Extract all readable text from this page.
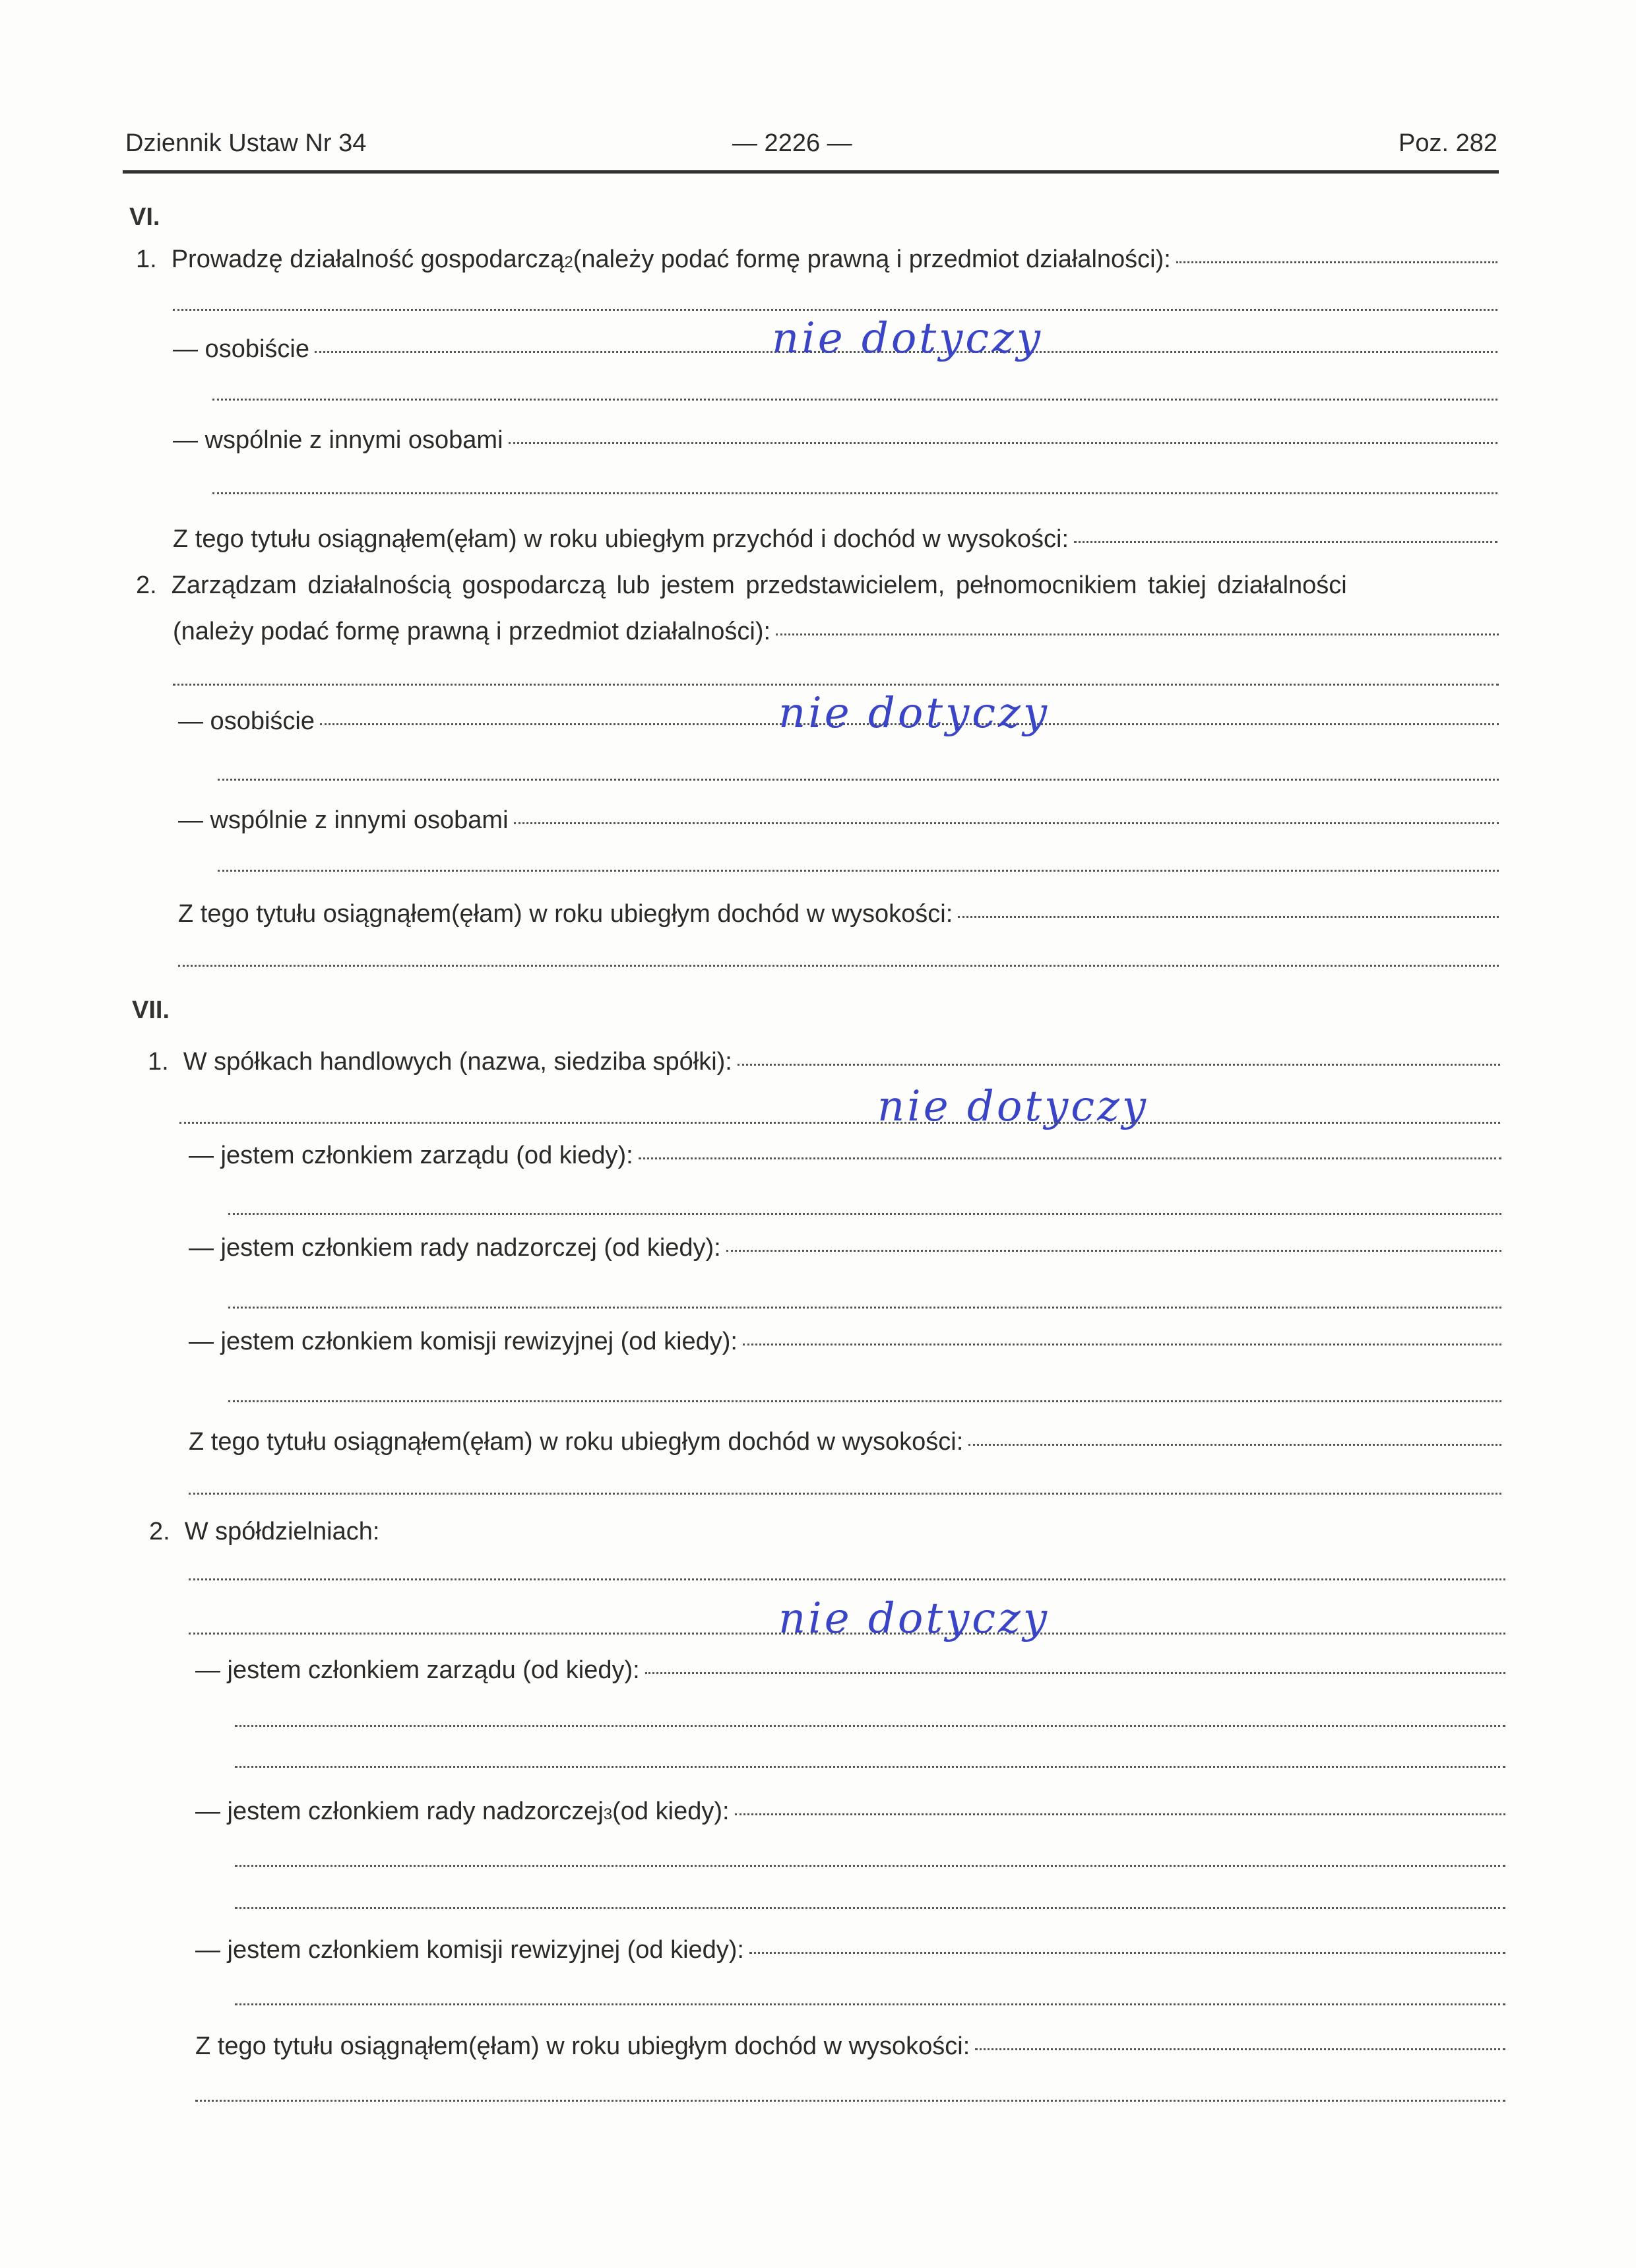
Dziennik Ustaw Nr 34	— 2226 —	Poz. 282
VI.
1. Prowadzę działalność gospodarczą 2 (należy podać formę prawną i przedmiot działalności):
— osobiście	nie dotyczy
— wspólnie z innymi osobami
Z tego tytułu osiągnąłem(ęłam) w roku ubiegłym przychód i dochód w wysokości:
2. Zarządzam działalnością gospodarczą lub jestem przedstawicielem, pełnomocnikiem takiej działalności
(należy podać formę prawną i przedmiot działalności):
— osobiście	nie dotyczy
— wspólnie z innymi osobami
Z tego tytułu osiągnąłem(ęłam) w roku ubiegłym dochód w wysokości:
VII.
1. W spółkach handlowych (nazwa, siedziba spółki):
nie dotyczy
— jestem członkiem zarządu (od kiedy):
— jestem członkiem rady nadzorczej (od kiedy):
— jestem członkiem komisji rewizyjnej (od kiedy):
Z tego tytułu osiągnąłem(ęłam) w roku ubiegłym dochód w wysokości:
2. W spółdzielniach:
nie dotyczy
— jestem członkiem zarządu (od kiedy):
— jestem członkiem rady nadzorczej 3 (od kiedy):
— jestem członkiem komisji rewizyjnej (od kiedy):
Z tego tytułu osiągnąłem(ęłam) w roku ubiegłym dochód w wysokości:
